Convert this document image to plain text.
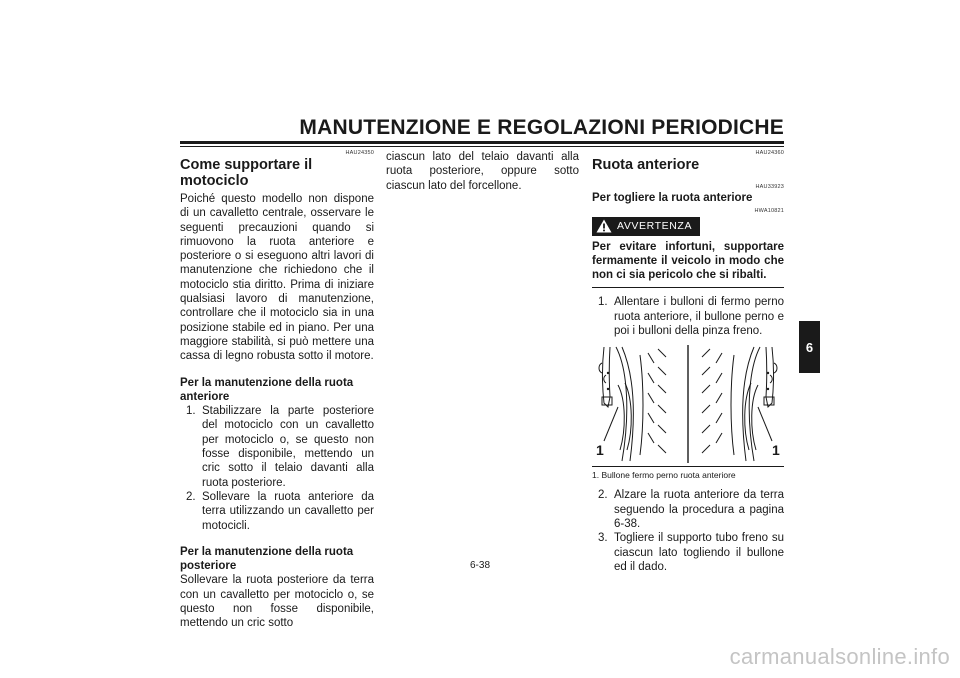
MANUTENZIONE E REGOLAZIONI PERIODICHE
HAU24350
Come supportare il motociclo

Poiché questo modello non dispone di un cavalletto centrale, osservare le seguenti precauzioni quando si rimuovono la ruota anteriore e posteriore o si eseguono altri lavori di manutenzione che richiedono che il motociclo stia diritto. Prima di iniziare qualsiasi lavoro di manutenzione, controllare che il motociclo sia in una posizione stabile ed in piano. Per una maggiore stabilità, si può mettere una cassa di legno robusta sotto il motore.

Per la manutenzione della ruota anteriore
1. Stabilizzare la parte posteriore del motociclo con un cavalletto per motociclo o, se questo non fosse disponibile, mettendo un cric sotto il telaio davanti alla ruota posteriore.
2. Sollevare la ruota anteriore da terra utilizzando un cavalletto per motocicli.
Per la manutenzione della ruota posteriore

Sollevare la ruota posteriore da terra con un cavalletto per motociclo o, se questo non fosse disponibile, mettendo un cric sotto

ciascun lato del telaio davanti alla ruota posteriore, oppure sotto ciascun lato del forcellone.

HAU24360
Ruota anteriore
HAU33923
Per togliere la ruota anteriore
HWA10821
AVVERTENZA

Per evitare infortuni, supportare fermamente il veicolo in modo che non ci sia pericolo che si ribalti.

1. Allentare i bulloni di fermo perno ruota anteriore, il bullone perno e poi i bulloni della pinza freno.
1	1
1. Bullone fermo perno ruota anteriore
2. Alzare la ruota anteriore da terra seguendo la procedura a pagina 6-38.
3. Togliere il supporto tubo freno su ciascun lato togliendo il bullone ed il dado.
6
6-38
carmanualsonline.info
